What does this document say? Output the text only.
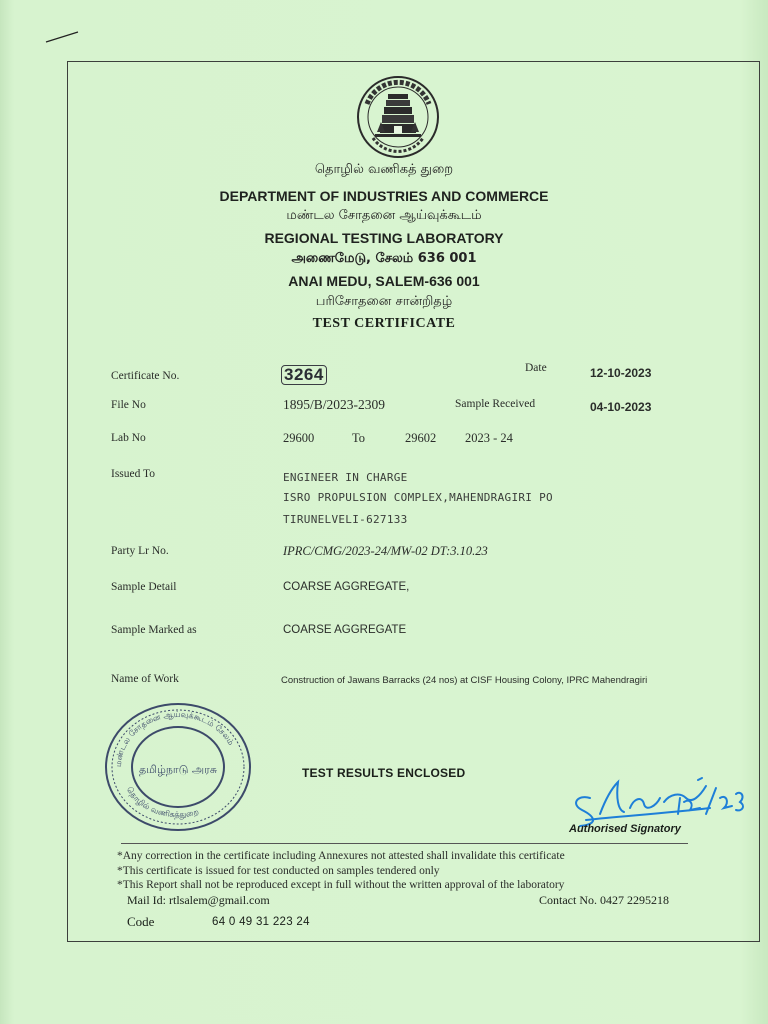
தொழில் வணிகத் துறை
DEPARTMENT OF INDUSTRIES AND COMMERCE
மண்டல சோதனை ஆய்வுக்கூடம்
REGIONAL TESTING LABORATORY
அணைமேடு, சேலம் 636 001
ANAI MEDU, SALEM-636 001
பரிசோதனை சான்றிதழ்
TEST CERTIFICATE
Certificate No.	3264	Date	12-10-2023
File No	1895/B/2023-2309	Sample Received	04-10-2023
Lab No	29600	To	29602 2023 - 24
Issued To	ENGINEER IN CHARGE
ISRO PROPULSION COMPLEX,MAHENDRAGIRI PO
TIRUNELVELI-627133
Party Lr No.	IPRC/CMG/2023-24/MW-02 DT:3.10.23
Sample Detail	COARSE AGGREGATE,
Sample Marked as	COARSE AGGREGATE
Name of Work	Construction of Jawans Barracks (24 nos) at CISF Housing Colony, IPRC Mahendragiri
தமிழ்நாடு அரசு
மண்டல சோதனை ஆய்வுக்கூடம் சேலம்
தொழில் வணிகத்துறை
TEST RESULTS ENCLOSED
Authorised Signatory
*Any correction in the certificate including Annexures not attested shall invalidate this certificate
*This certificate is issued for test conducted on samples tendered only
*This Report shall not be reproduced except in full without the written approval of the laboratory
Mail Id: rtlsalem@gmail.com	Contact No. 0427 2295218
Code	64 0 49 31 223 24
